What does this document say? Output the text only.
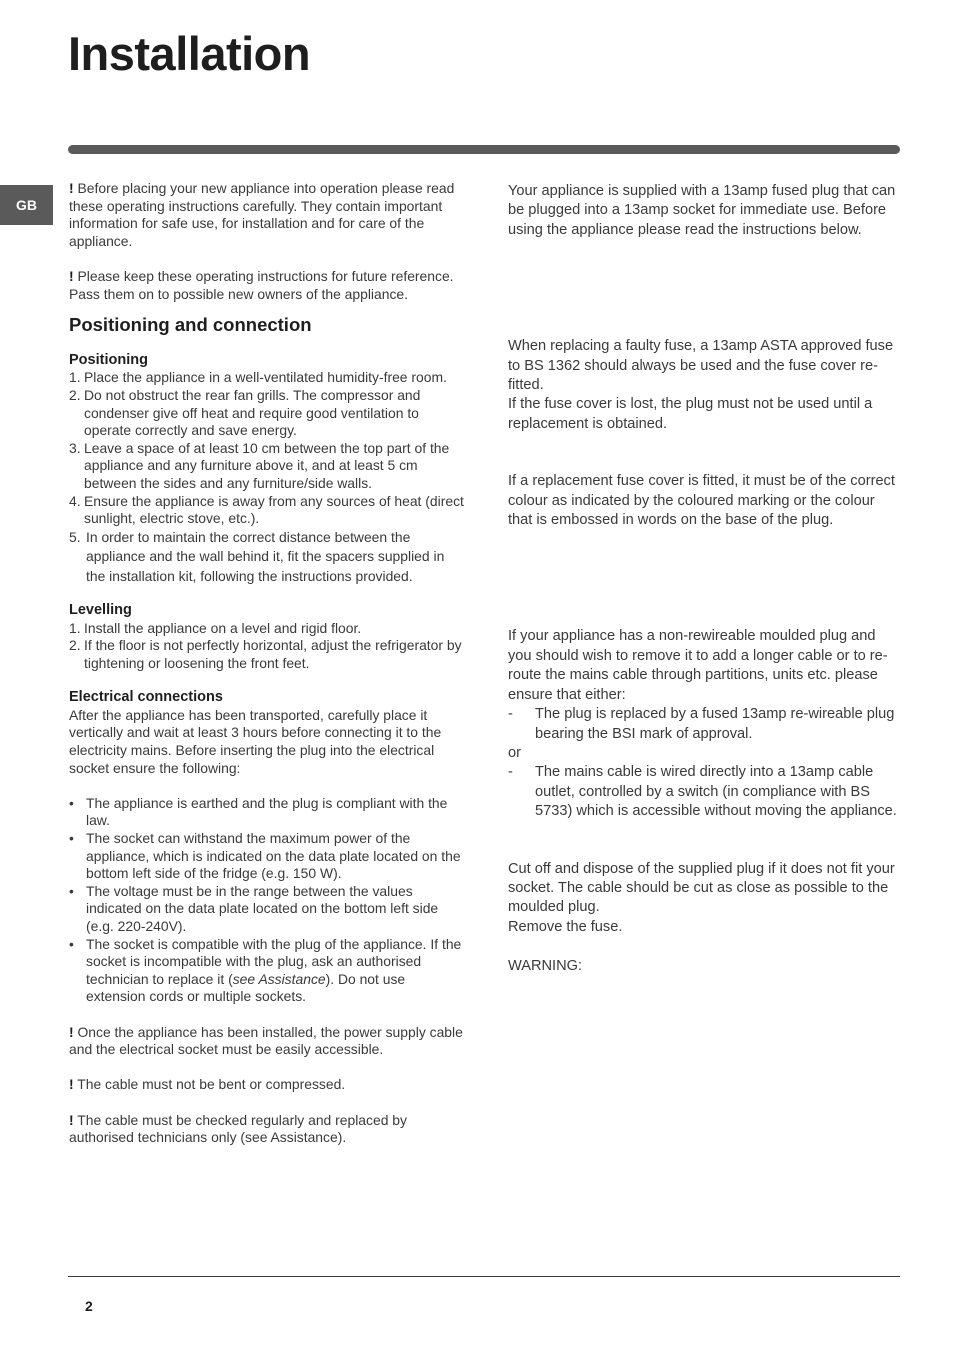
Installation
GB

! Before placing your new appliance into operation please read these operating instructions carefully. They contain important information for safe use, for installation and for care of the appliance.

! Please keep these operating instructions for future reference. Pass them on to possible new owners of the appliance.

Positioning and connection
Positioning
1. Place the appliance in a well-ventilated humidity-free room.
2. Do not obstruct the rear fan grills. The compressor and condenser give off heat and require good ventilation to operate correctly and save energy.
3. Leave a space of at least 10 cm between the top part of the appliance and any furniture above it, and at least 5 cm between the sides and any furniture/side walls.
4. Ensure the appliance is away from any sources of heat (direct sunlight, electric stove, etc.).
5. In order to maintain the correct distance between the appliance and the wall behind it, fit the spacers supplied in the installation kit, following the instructions provided.
Levelling
1. Install the appliance on a level and rigid floor.
2. If the floor is not perfectly horizontal, adjust the refrigerator by tightening or loosening the front feet.
Electrical connections

After the appliance has been transported, carefully place it vertically and wait at least 3 hours before connecting it to the electricity mains. Before inserting the plug into the electrical socket ensure the following:

• The appliance is earthed and the plug is compliant with the law.
• The socket can withstand the maximum power of the appliance, which is indicated on the data plate located on the bottom left side of the fridge (e.g. 150 W).
• The voltage must be in the range between the values indicated on the data plate located on the bottom left side (e.g. 220-240V).
• The socket is compatible with the plug of the appliance. If the socket is incompatible with the plug, ask an authorised technician to replace it (see Assistance). Do not use extension cords or multiple sockets.

! Once the appliance has been installed, the power supply cable and the electrical socket must be easily accessible.

! The cable must not be bent or compressed.

! The cable must be checked regularly and replaced by authorised technicians only (see Assistance).

Your appliance is supplied with a 13amp fused plug that can be plugged into a 13amp socket for immediate use. Before using the appliance please read the instructions below.

When replacing a faulty fuse, a 13amp ASTA approved fuse to BS 1362 should always be used and the fuse cover re-fitted.

If the fuse cover is lost, the plug must not be used until a replacement is obtained.

If a replacement fuse cover is fitted, it must be of the correct colour as indicated by the coloured marking or the colour that is embossed in words on the base of the plug.

If your appliance has a non-rewireable moulded plug and you should wish to remove it to add a longer cable or to re-route the mains cable through partitions, units etc. please ensure that either:

- The plug is replaced by a fused 13amp re-wireable plug bearing the BSI mark of approval.

or

- The mains cable is wired directly into a 13amp cable outlet, controlled by a switch (in compliance with BS 5733) which is accessible without moving the appliance.

Cut off and dispose of the supplied plug if it does not fit your socket. The cable should be cut as close as possible to the moulded plug.

Remove the fuse.

WARNING:

2
